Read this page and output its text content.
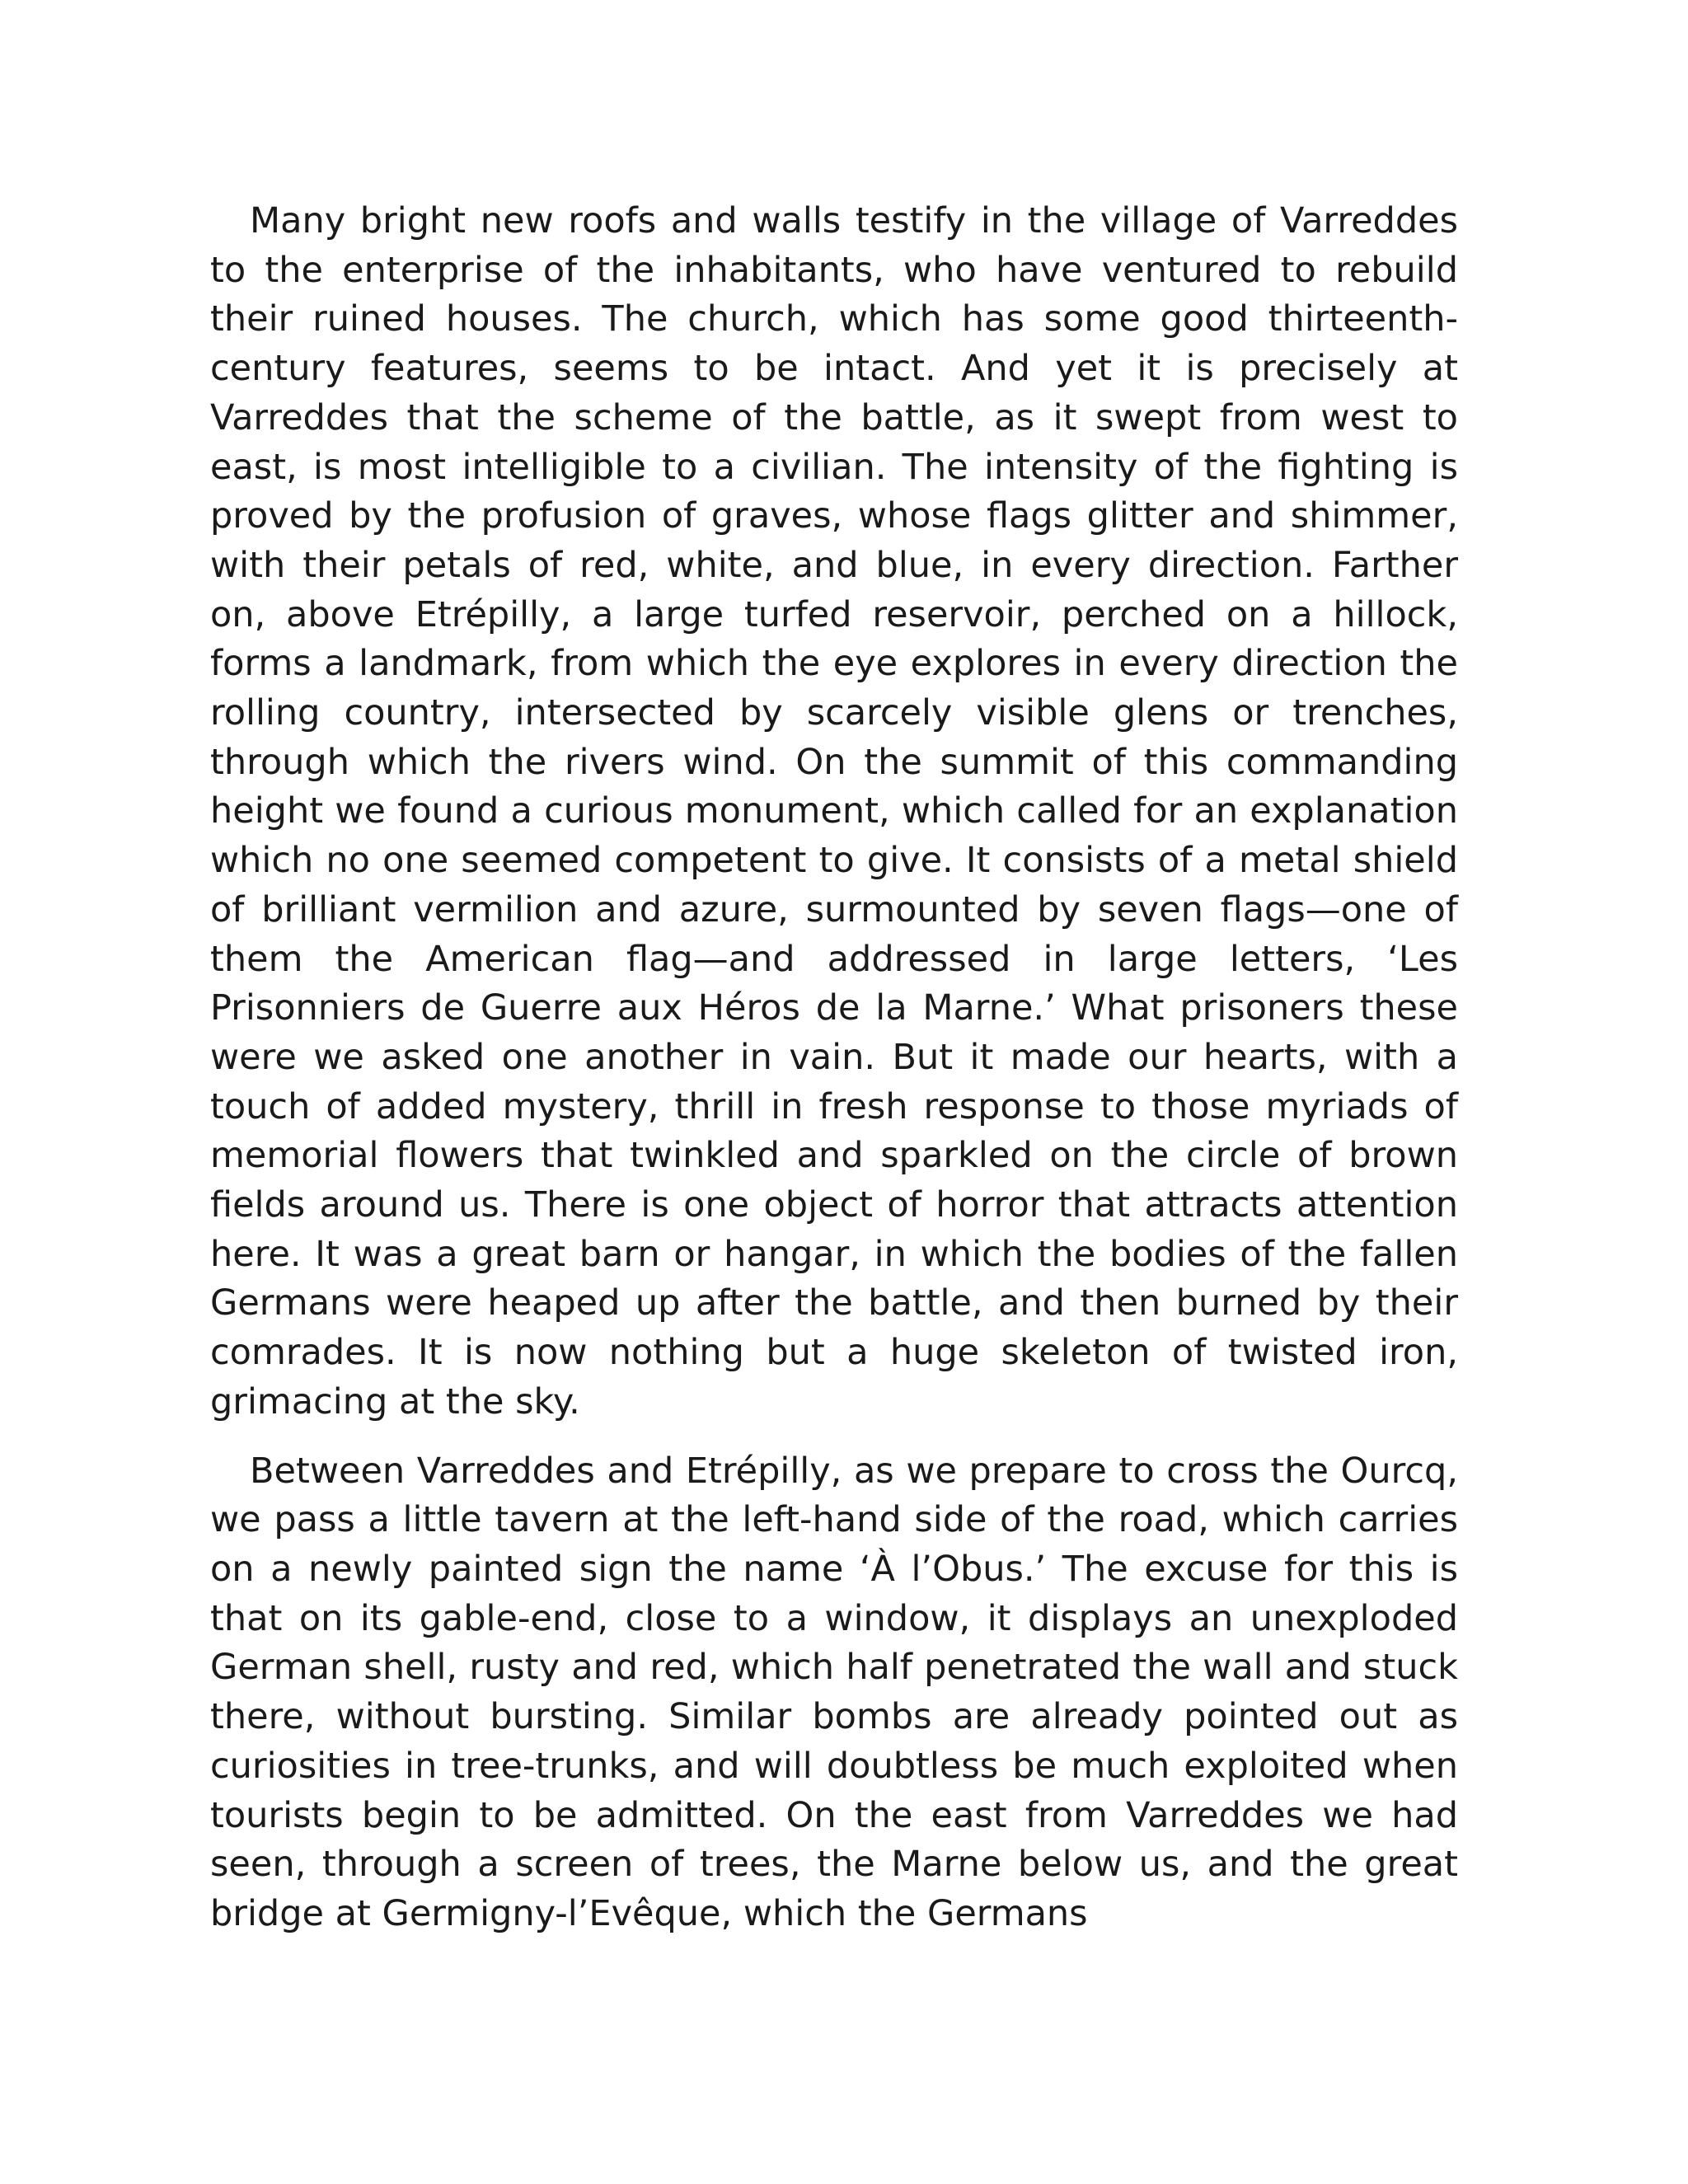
Many bright new roofs and walls testify in the village of Varreddes to the enterprise of the inhabitants, who have ventured to rebuild their ruined houses. The church, which has some good thirteenth-century features, seems to be intact. And yet it is precisely at Varreddes that the scheme of the battle, as it swept from west to east, is most intelligible to a civilian. The intensity of the fighting is proved by the profusion of graves, whose flags glitter and shimmer, with their petals of red, white, and blue, in every direction. Farther on, above Etrépilly, a large turfed reservoir, perched on a hillock, forms a landmark, from which the eye explores in every direction the rolling country, intersected by scarcely visible glens or trenches, through which the rivers wind. On the summit of this commanding height we found a curious monument, which called for an explanation which no one seemed competent to give. It consists of a metal shield of brilliant vermilion and azure, surmounted by seven flags—one of them the American flag—and addressed in large letters, ‘Les Prisonniers de Guerre aux Héros de la Marne.’ What prisoners these were we asked one another in vain. But it made our hearts, with a touch of added mystery, thrill in fresh response to those myriads of memorial flowers that twinkled and sparkled on the circle of brown fields around us. There is one object of horror that attracts attention here. It was a great barn or hangar, in which the bodies of the fallen Germans were heaped up after the battle, and then burned by their comrades. It is now nothing but a huge skeleton of twisted iron, grimacing at the sky.

Between Varreddes and Etrépilly, as we prepare to cross the Ourcq, we pass a little tavern at the left-hand side of the road, which carries on a newly painted sign the name ‘À l’Obus.’ The excuse for this is that on its gable-end, close to a window, it displays an unexploded German shell, rusty and red, which half penetrated the wall and stuck there, without bursting. Similar bombs are already pointed out as curiosities in tree-trunks, and will doubtless be much exploited when tourists begin to be admitted. On the east from Varreddes we had seen, through a screen of trees, the Marne below us, and the great bridge at Germigny-l’Evêque, which the Germans
